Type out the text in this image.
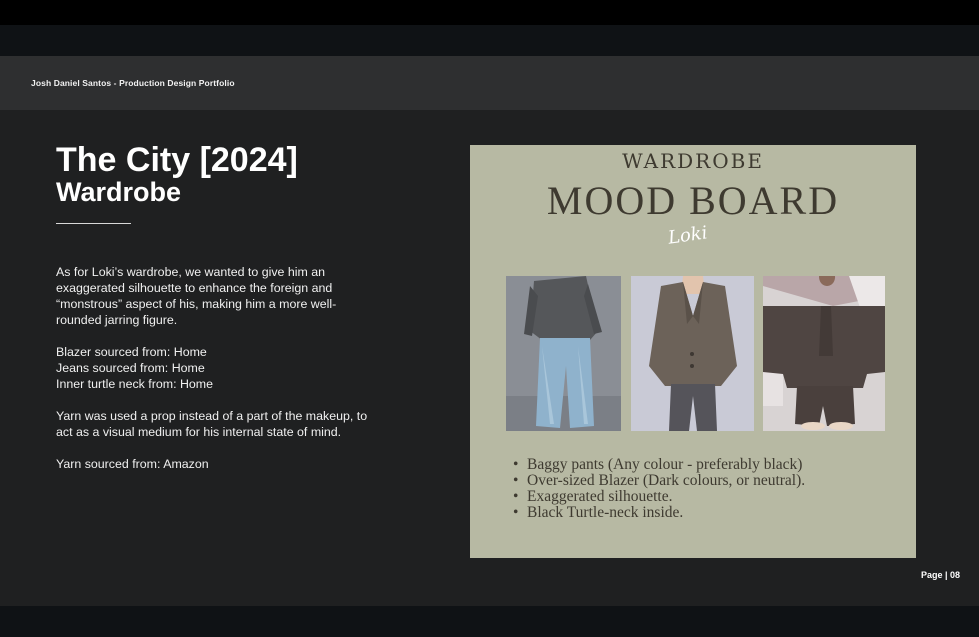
Josh Daniel Santos - Production Design Portfolio
The City [2024]
Wardrobe

As for Loki’s wardrobe, we wanted to give him an exaggerated silhouette to enhance the foreign and “monstrous” aspect of his, making him a more well-rounded jarring figure.

Blazer sourced from: Home

Jeans sourced from: Home

Inner turtle neck from: Home

Yarn was used a prop instead of a part of the makeup, to act as a visual medium for his internal state of mind.

Yarn sourced from: Amazon

WARDROBE
MOOD BOARD
Loki
• Baggy pants (Any colour - preferably black)
• Over-sized Blazer (Dark colours, or neutral).
• Exaggerated silhouette.
• Black Turtle-neck inside.
Page | 08
